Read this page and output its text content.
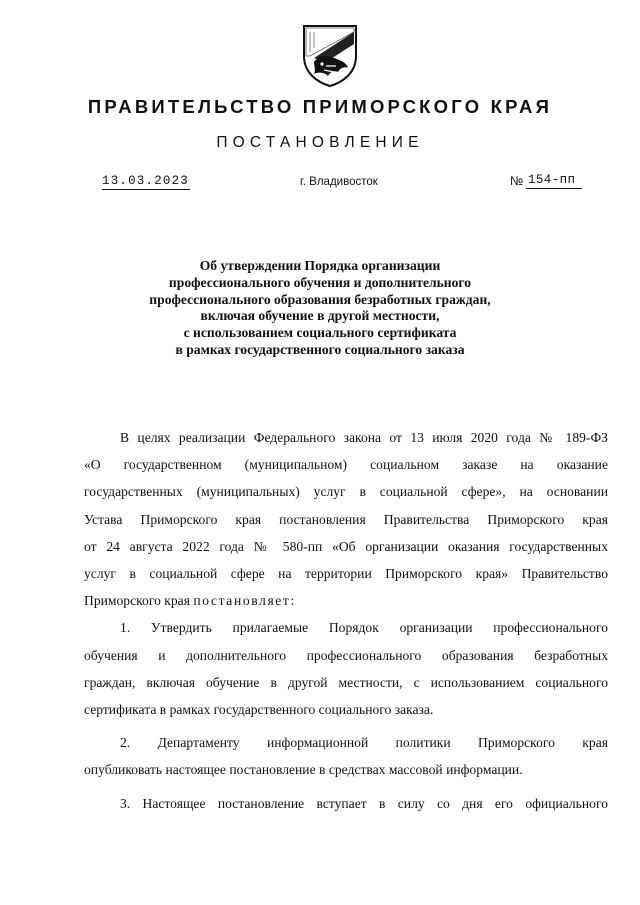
ПРАВИТЕЛЬСТВО ПРИМОРСКОГО КРАЯ
ПОСТАНОВЛЕНИЕ
13.03.2023	г. Владивосток	№ 154-пп
Об утверждении Порядка организации
профессионального обучения и дополнительного
профессионального образования безработных граждан,
включая обучение в другой местности,
с использованием социального сертификата
в рамках государственного социального заказа
В целях реализации Федерального закона от 13 июля 2020 года № 189-ФЗ
«О государственном (муниципальном) социальном заказе на оказание
государственных (муниципальных) услуг в социальной сфере», на основании
Устава Приморского края постановления Правительства Приморского края
от 24 августа 2022 года № 580-пп «Об организации оказания государственных
услуг в социальной сфере на территории Приморского края» Правительство
Приморского края постановляет:
1. Утвердить прилагаемые Порядок организации профессионального
обучения и дополнительного профессионального образования безработных
граждан, включая обучение в другой местности, с использованием социального
сертификата в рамках государственного социального заказа.
2. Департаменту информационной политики Приморского края
опубликовать настоящее постановление в средствах массовой информации.
3. Настоящее постановление вступает в силу со дня его официального
